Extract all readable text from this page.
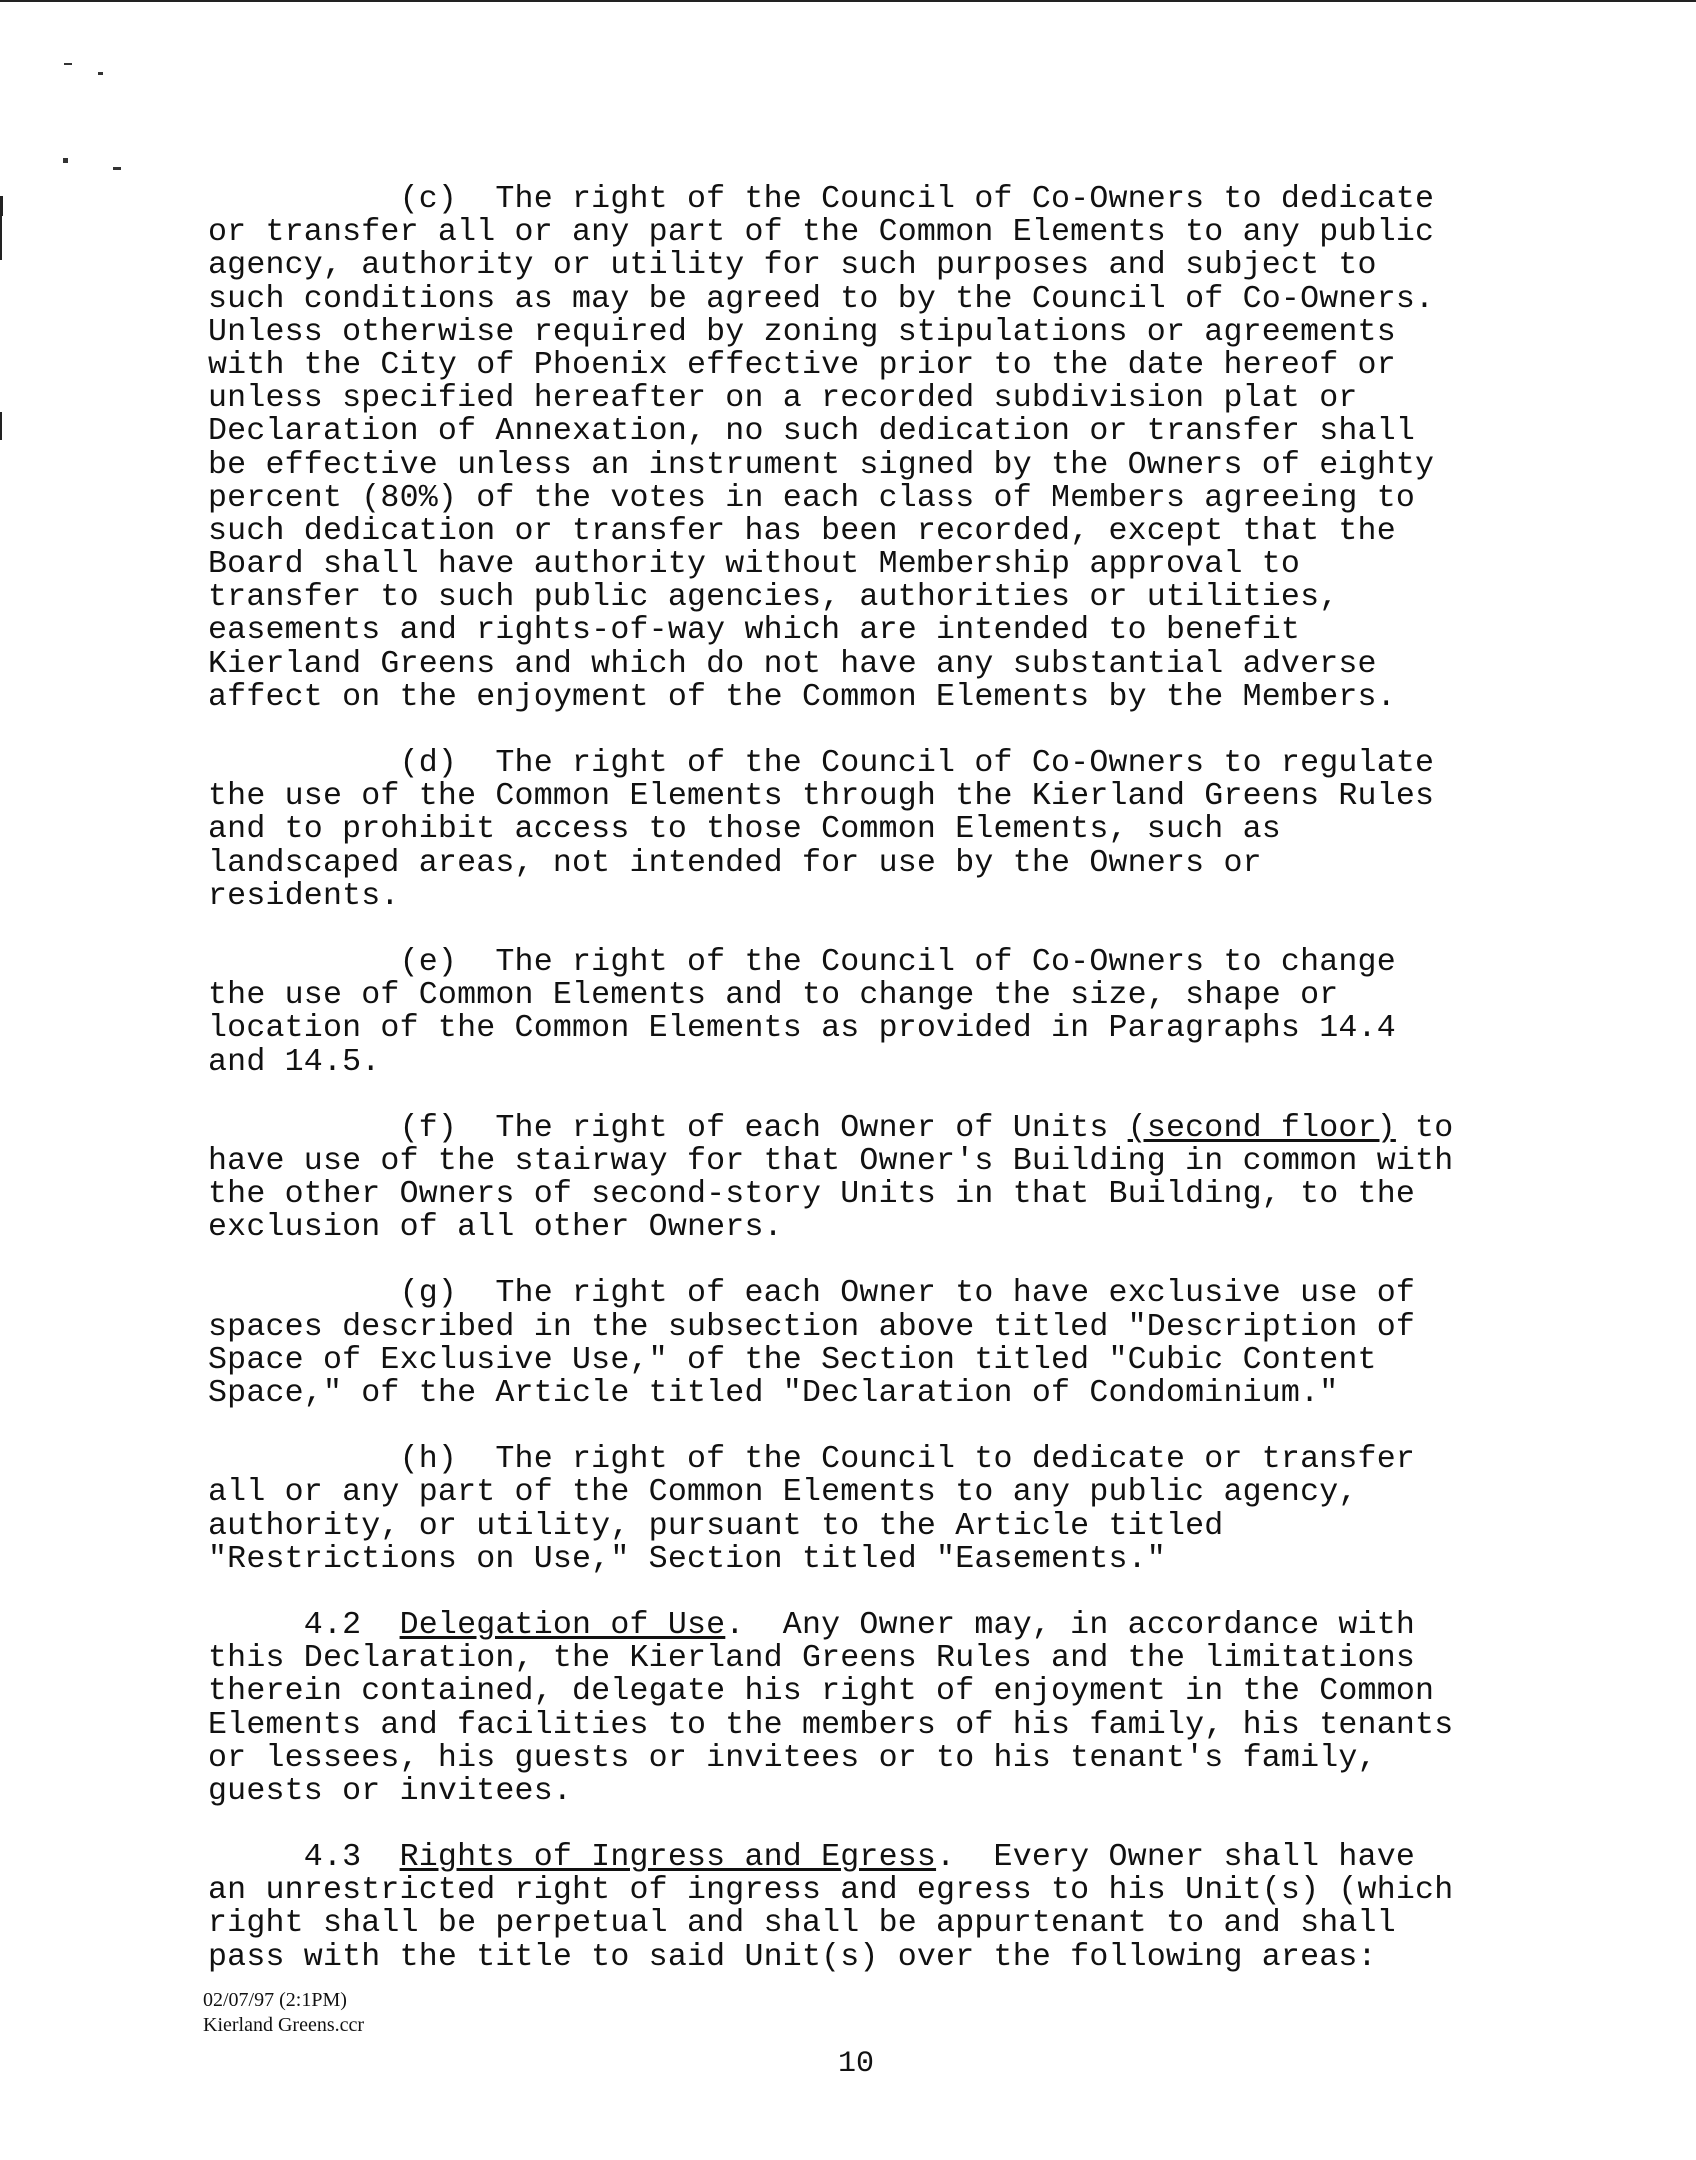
(c)  The right of the Council of Co-Owners to dedicate
or transfer all or any part of the Common Elements to any public
agency, authority or utility for such purposes and subject to
such conditions as may be agreed to by the Council of Co-Owners.
Unless otherwise required by zoning stipulations or agreements
with the City of Phoenix effective prior to the date hereof or
unless specified hereafter on a recorded subdivision plat or
Declaration of Annexation, no such dedication or transfer shall
be effective unless an instrument signed by the Owners of eighty
percent (80%) of the votes in each class of Members agreeing to
such dedication or transfer has been recorded, except that the
Board shall have authority without Membership approval to
transfer to such public agencies, authorities or utilities,
easements and rights-of-way which are intended to benefit
Kierland Greens and which do not have any substantial adverse
affect on the enjoyment of the Common Elements by the Members.
(d)  The right of the Council of Co-Owners to regulate
the use of the Common Elements through the Kierland Greens Rules
and to prohibit access to those Common Elements, such as
landscaped areas, not intended for use by the Owners or
residents.
(e)  The right of the Council of Co-Owners to change
the use of Common Elements and to change the size, shape or
location of the Common Elements as provided in Paragraphs 14.4
and 14.5.
(f)  The right of each Owner of Units (second floor) to
have use of the stairway for that Owner's Building in common with
the other Owners of second-story Units in that Building, to the
exclusion of all other Owners.
(g)  The right of each Owner to have exclusive use of
spaces described in the subsection above titled "Description of
Space of Exclusive Use," of the Section titled "Cubic Content
Space," of the Article titled "Declaration of Condominium."
(h)  The right of the Council to dedicate or transfer
all or any part of the Common Elements to any public agency,
authority, or utility, pursuant to the Article titled
"Restrictions on Use," Section titled "Easements."
4.2  Delegation of Use.  Any Owner may, in accordance with
this Declaration, the Kierland Greens Rules and the limitations
therein contained, delegate his right of enjoyment in the Common
Elements and facilities to the members of his family, his tenants
or lessees, his guests or invitees or to his tenant's family,
guests or invitees.
4.3  Rights of Ingress and Egress.  Every Owner shall have
an unrestricted right of ingress and egress to his Unit(s) (which
right shall be perpetual and shall be appurtenant to and shall
pass with the title to said Unit(s) over the following areas:
02/07/97 (2:1PM)
Kierland Greens.ccr
10
